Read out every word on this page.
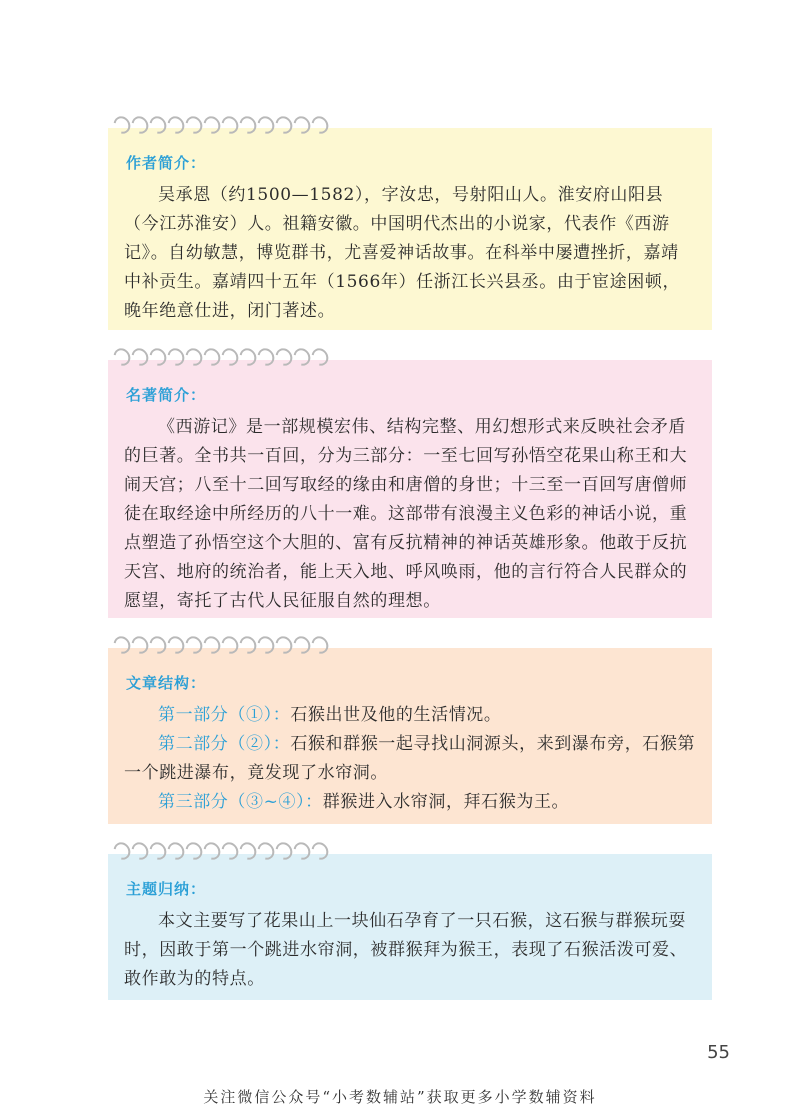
作者简介：

吴承恩（约1500—1582），字汝忠，号射阳山人。淮安府山阳县（今江苏淮安）人。祖籍安徽。中国明代杰出的小说家，代表作《西游记》。自幼敏慧，博览群书，尤喜爱神话故事。在科举中屡遭挫折，嘉靖中补贡生。嘉靖四十五年（1566年）任浙江长兴县丞。由于宦途困顿，晚年绝意仕进，闭门著述。

名著简介：

《西游记》是一部规模宏伟、结构完整、用幻想形式来反映社会矛盾的巨著。全书共一百回，分为三部分：一至七回写孙悟空花果山称王和大闹天宫；八至十二回写取经的缘由和唐僧的身世；十三至一百回写唐僧师徒在取经途中所经历的八十一难。这部带有浪漫主义色彩的神话小说，重点塑造了孙悟空这个大胆的、富有反抗精神的神话英雄形象。他敢于反抗天宫、地府的统治者，能上天入地、呼风唤雨，他的言行符合人民群众的愿望，寄托了古代人民征服自然的理想。

文章结构：

第一部分（①）：石猴出世及他的生活情况。

第二部分（②）：石猴和群猴一起寻找山洞源头，来到瀑布旁，石猴第

一个跳进瀑布，竟发现了水帘洞。

第三部分（③~④）：群猴进入水帘洞，拜石猴为王。

主题归纳：

本文主要写了花果山上一块仙石孕育了一只石猴，这石猴与群猴玩耍时，因敢于第一个跳进水帘洞，被群猴拜为猴王，表现了石猴活泼可爱、敢作敢为的特点。

55
关注微信公众号“小考数辅站”获取更多小学数辅资料
